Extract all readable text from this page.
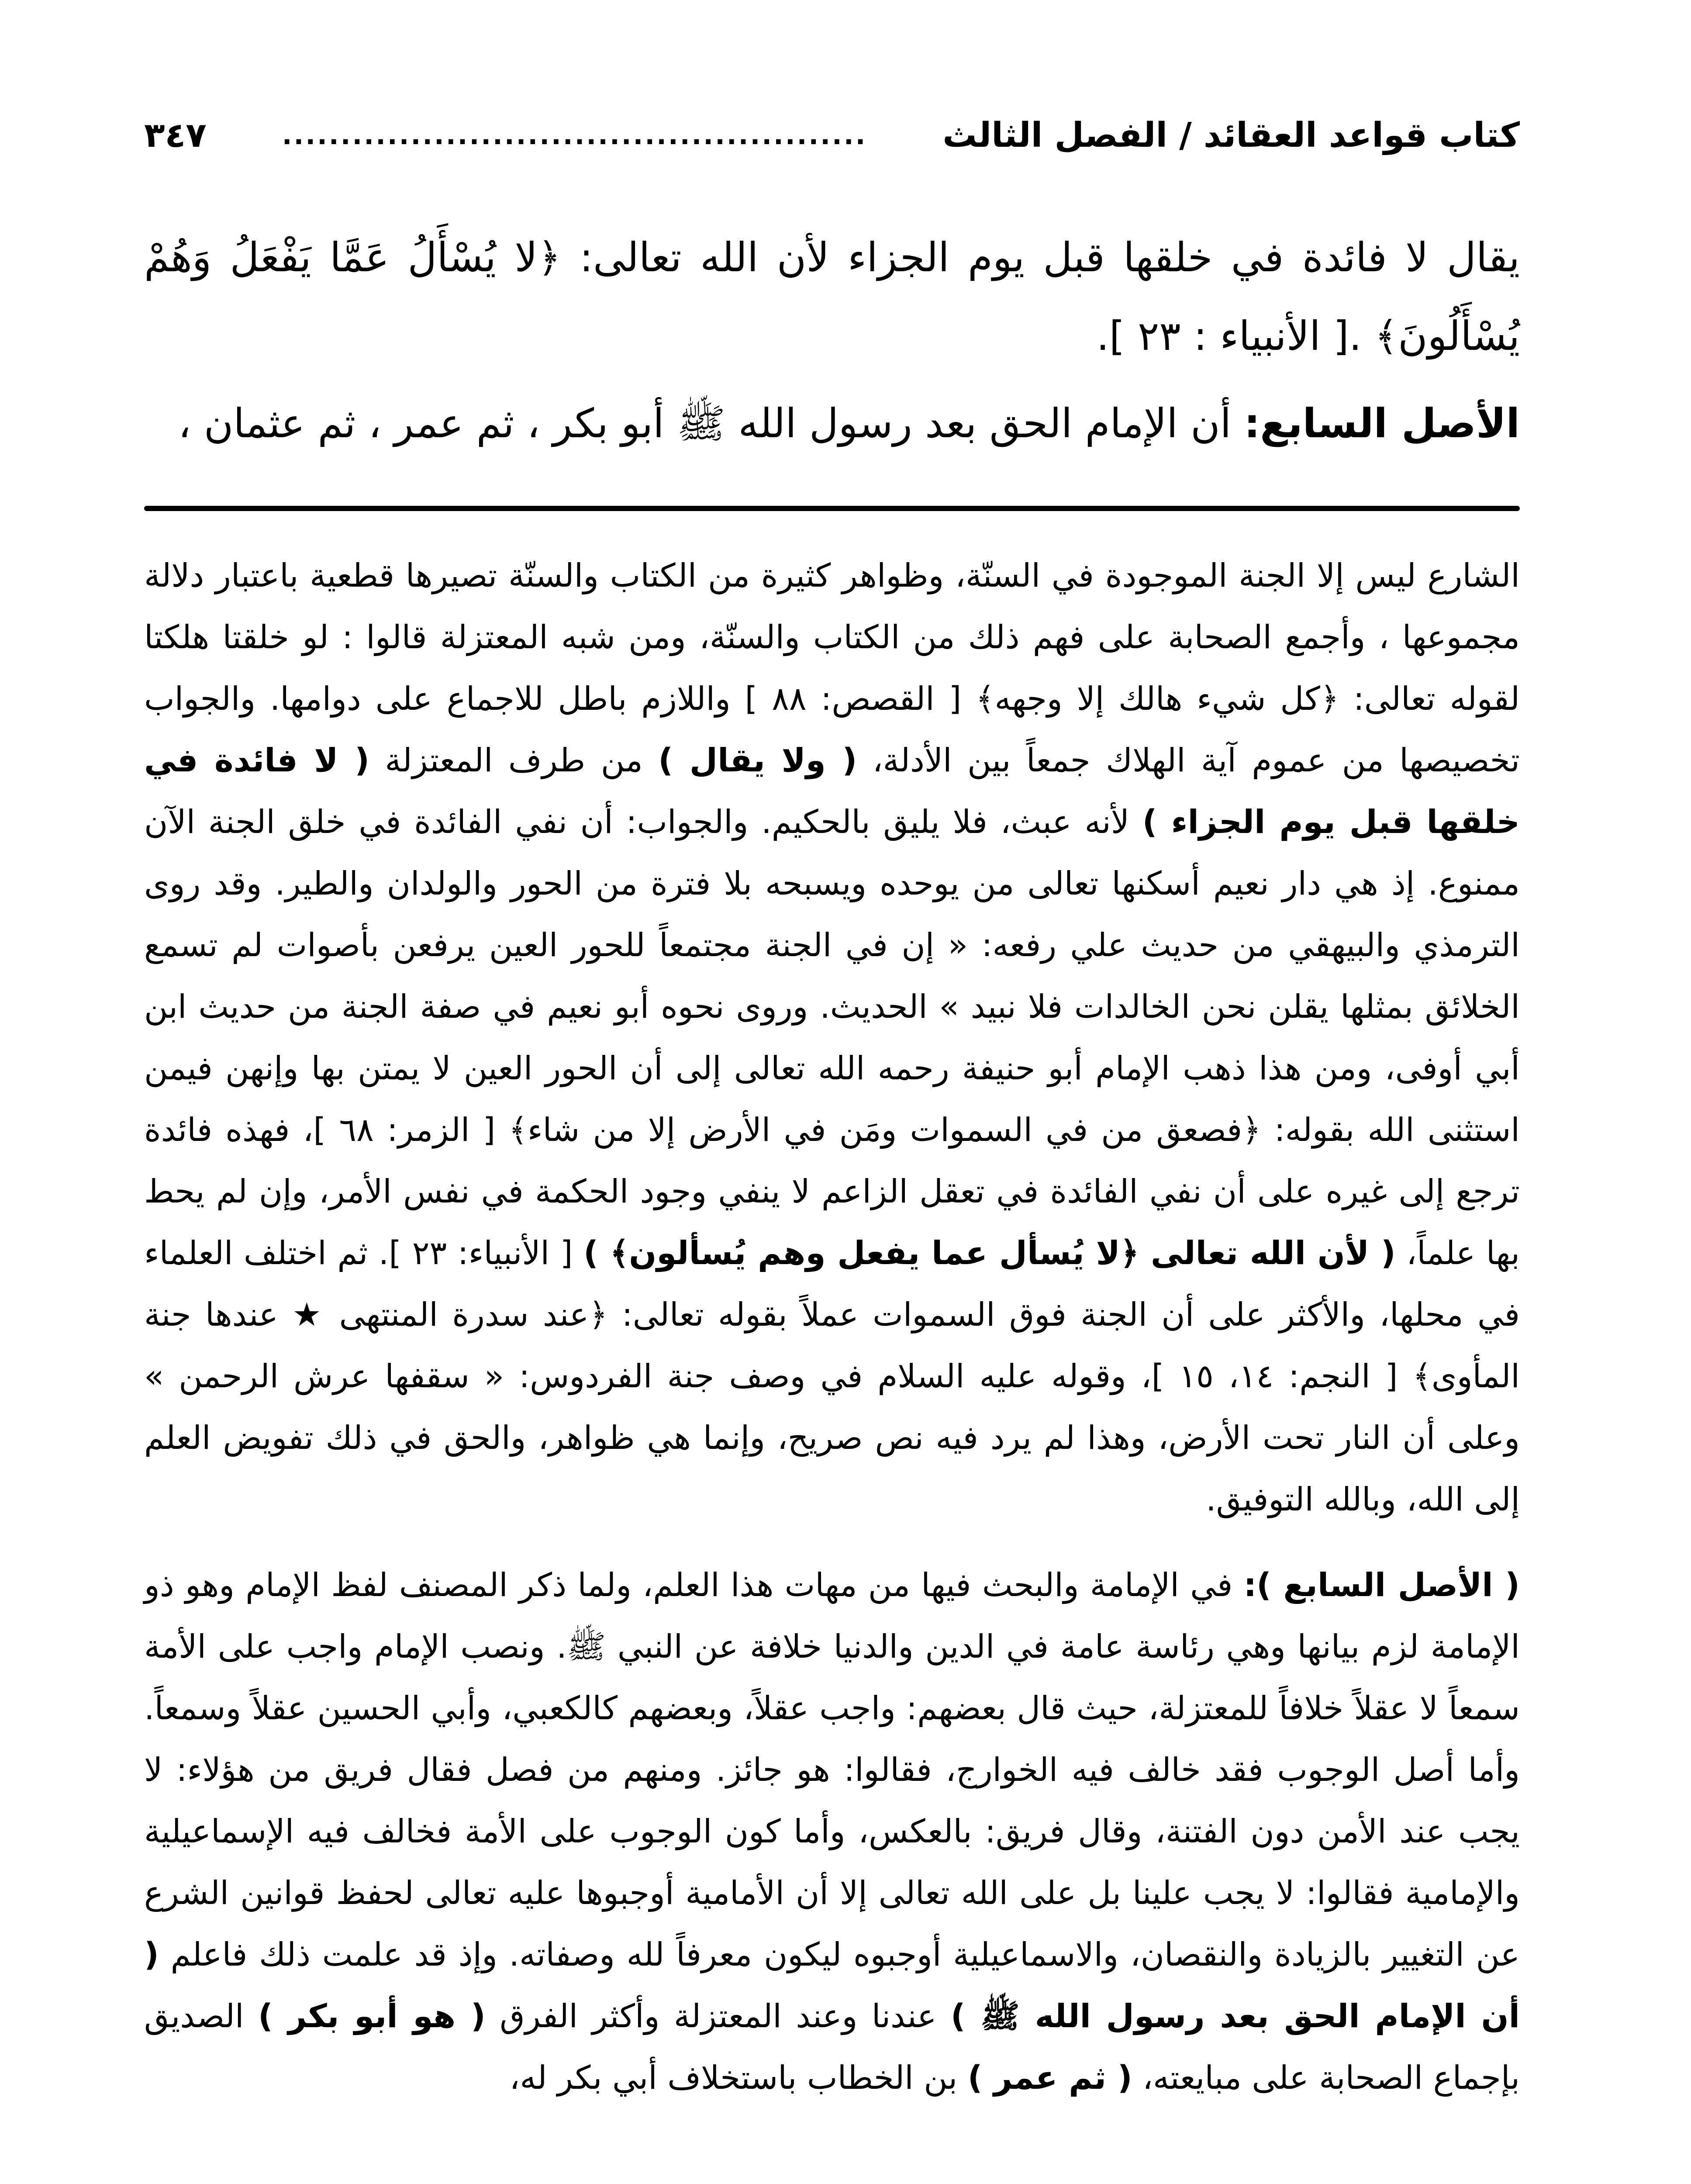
كتاب قواعد العقائد / الفصل الثالث
..................................................
٣٤٧

يقال لا فائدة في خلقها قبل يوم الجزاء لأن الله تعالى: ﴿لا يُسْأَلُ عَمَّا يَفْعَلُ وَهُمْ يُسْأَلُونَ﴾ .[ الأنبياء : ٢٣ ].

الأصل السابع: أن الإمام الحق بعد رسول الله ﷺ أبو بكر ، ثم عمر ، ثم عثمان ،

الشارع ليس إلا الجنة الموجودة في السنّة، وظواهر كثيرة من الكتاب والسنّة تصيرها قطعية باعتبار دلالة مجموعها ، وأجمع الصحابة على فهم ذلك من الكتاب والسنّة، ومن شبه المعتزلة قالوا : لو خلقتا هلكتا لقوله تعالى: ﴿كل شيء هالك إلا وجهه﴾ [ القصص: ٨٨ ] واللازم باطل للاجماع على دوامها. والجواب تخصيصها من عموم آية الهلاك جمعاً بين الأدلة، ( ولا يقال ) من طرف المعتزلة ( لا فائدة في خلقها قبل يوم الجزاء ) لأنه عبث، فلا يليق بالحكيم. والجواب: أن نفي الفائدة في خلق الجنة الآن ممنوع. إذ هي دار نعيم أسكنها تعالى من يوحده ويسبحه بلا فترة من الحور والولدان والطير. وقد روى الترمذي والبيهقي من حديث علي رفعه: « إن في الجنة مجتمعاً للحور العين يرفعن بأصوات لم تسمع الخلائق بمثلها يقلن نحن الخالدات فلا نبيد » الحديث. وروى نحوه أبو نعيم في صفة الجنة من حديث ابن أبي أوفى، ومن هذا ذهب الإمام أبو حنيفة رحمه الله تعالى إلى أن الحور العين لا يمتن بها وإنهن فيمن استثنى الله بقوله: ﴿فصعق من في السموات ومَن في الأرض إلا من شاء﴾ [ الزمر: ٦٨ ]، فهذه فائدة ترجع إلى غيره على أن نفي الفائدة في تعقل الزاعم لا ينفي وجود الحكمة في نفس الأمر، وإن لم يحط بها علماً، ( لأن الله تعالى ﴿لا يُسأل عما يفعل وهم يُسألون﴾ ) [ الأنبياء: ٢٣ ]. ثم اختلف العلماء في محلها، والأكثر على أن الجنة فوق السموات عملاً بقوله تعالى: ﴿عند سدرة المنتهى ★ عندها جنة المأوى﴾ [ النجم: ١٤، ١٥ ]، وقوله عليه السلام في وصف جنة الفردوس: « سقفها عرش الرحمن » وعلى أن النار تحت الأرض، وهذا لم يرد فيه نص صريح، وإنما هي ظواهر، والحق في ذلك تفويض العلم إلى الله، وبالله التوفيق.

( الأصل السابع ): في الإمامة والبحث فيها من مهات هذا العلم، ولما ذكر المصنف لفظ الإمام وهو ذو الإمامة لزم بيانها وهي رئاسة عامة في الدين والدنيا خلافة عن النبي ﷺ. ونصب الإمام واجب على الأمة سمعاً لا عقلاً خلافاً للمعتزلة، حيث قال بعضهم: واجب عقلاً، وبعضهم كالكعبي، وأبي الحسين عقلاً وسمعاً. وأما أصل الوجوب فقد خالف فيه الخوارج، فقالوا: هو جائز. ومنهم من فصل فقال فريق من هؤلاء: لا يجب عند الأمن دون الفتنة، وقال فريق: بالعكس، وأما كون الوجوب على الأمة فخالف فيه الإسماعيلية والإمامية فقالوا: لا يجب علينا بل على الله تعالى إلا أن الأمامية أوجبوها عليه تعالى لحفظ قوانين الشرع عن التغيير بالزيادة والنقصان، والاسماعيلية أوجبوه ليكون معرفاً لله وصفاته. وإذ قد علمت ذلك فاعلم ( أن الإمام الحق بعد رسول الله ﷺ ) عندنا وعند المعتزلة وأكثر الفرق ( هو أبو بكر ) الصديق بإجماع الصحابة على مبايعته، ( ثم عمر ) بن الخطاب باستخلاف أبي بكر له،
